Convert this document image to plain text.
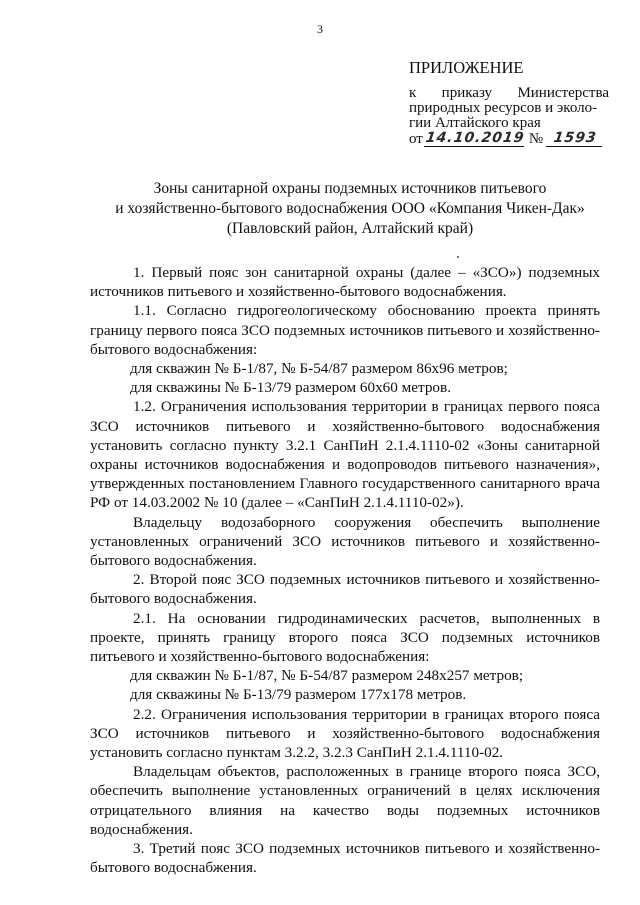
3
ПРИЛОЖЕНИЕ
к приказу Министерства
природных ресурсов и эколо-гии Алтайского края
от 14.10.2019 № 1593
Зоны санитарной охраны подземных источников питьевого
и хозяйственно-бытового водоснабжения ООО «Компания Чикен-Дак»
(Павловский район, Алтайский край)

1. Первый пояс зон санитарной охраны (далее – «ЗСО») подземных источников питьевого и хозяйственно-бытового водоснабжения.

1.1. Согласно гидрогеологическому обоснованию проекта принять границу первого пояса ЗСО подземных источников питьевого и хозяйственно-бытового водоснабжения:

для скважин № Б-1/87, № Б-54/87 размером 86х96 метров;

для скважины № Б-13/79 размером 60х60 метров.

1.2. Ограничения использования территории в границах первого пояса ЗСО источников питьевого и хозяйственно-бытового водоснабжения установить согласно пункту 3.2.1 СанПиН 2.1.4.1110-02 «Зоны санитарной охраны источников водоснабжения и водопроводов питьевого назначения», утвержденных постановлением Главного государственного санитарного врача РФ от 14.03.2002 № 10 (далее – «СанПиН 2.1.4.1110-02»).

Владельцу водозаборного сооружения обеспечить выполнение установленных ограничений ЗСО источников питьевого и хозяйственно-бытового водоснабжения.

2. Второй пояс ЗСО подземных источников питьевого и хозяйственно-бытового водоснабжения.

2.1. На основании гидродинамических расчетов, выполненных в проекте, принять границу второго пояса ЗСО подземных источников питьевого и хозяйственно-бытового водоснабжения:

для скважин № Б-1/87, № Б-54/87 размером 248х257 метров;

для скважины № Б-13/79 размером 177х178 метров.

2.2. Ограничения использования территории в границах второго пояса ЗСО источников питьевого и хозяйственно-бытового водоснабжения установить согласно пунктам 3.2.2, 3.2.3 СанПиН 2.1.4.1110-02.

Владельцам объектов, расположенных в границе второго пояса ЗСО, обеспечить выполнение установленных ограничений в целях исключения отрицательного влияния на качество воды подземных источников водоснабжения.

3. Третий пояс ЗСО подземных источников питьевого и хозяйственно-бытового водоснабжения.
